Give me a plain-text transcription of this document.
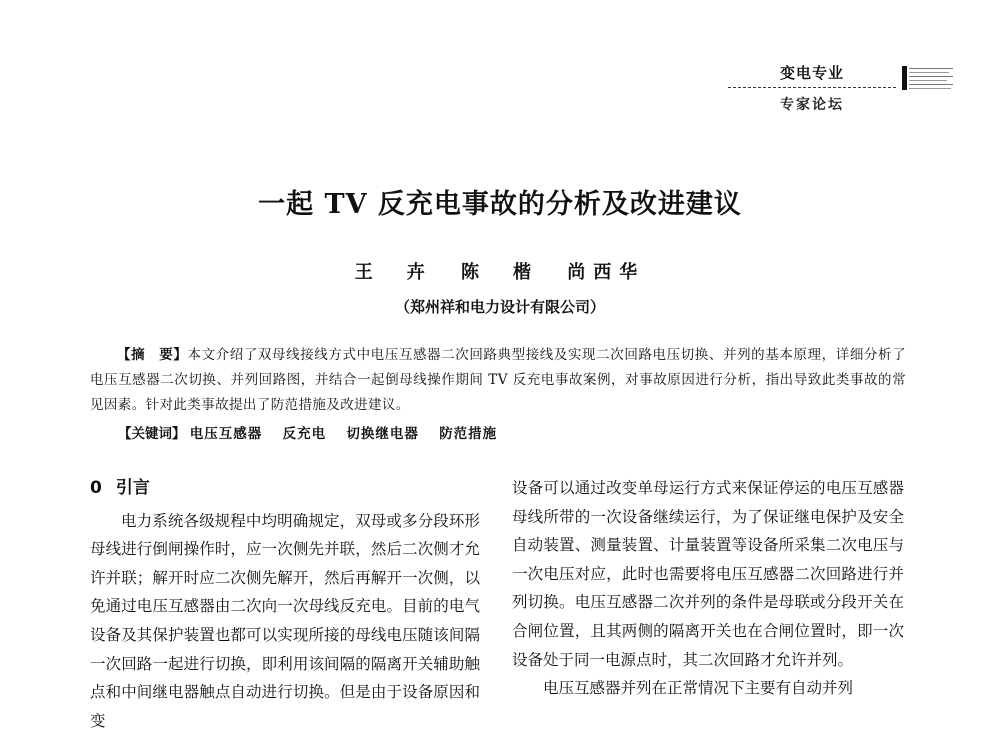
变电专业
专家论坛
一起 TV 反充电事故的分析及改进建议
王　卉 陈　楷 尚西华
（郑州祥和电力设计有限公司）

【摘　要】本文介绍了双母线接线方式中电压互感器二次回路典型接线及实现二次回路电压切换、并列的基本原理，详细分析了电压互感器二次切换、并列回路图，并结合一起倒母线操作期间 TV 反充电事故案例，对事故原因进行分析，指出导致此类事故的常见因素。针对此类事故提出了防范措施及改进建议。

【关键词】 电压互感器 反充电 切换继电器 防范措施
0 引言

电力系统各级规程中均明确规定，双母或多分段环形母线进行倒闸操作时，应一次侧先并联，然后二次侧才允许并联；解开时应二次侧先解开，然后再解开一次侧，以免通过电压互感器由二次向一次母线反充电。目前的电气设备及其保护装置也都可以实现所接的母线电压随该间隔一次回路一起进行切换，即利用该间隔的隔离开关辅助触点和中间继电器触点自动进行切换。但是由于设备原因和变

设备可以通过改变单母运行方式来保证停运的电压互感器母线所带的一次设备继续运行，为了保证继电保护及安全自动装置、测量装置、计量装置等设备所采集二次电压与一次电压对应，此时也需要将电压互感器二次回路进行并列切换。电压互感器二次并列的条件是母联或分段开关在合闸位置，且其两侧的隔离开关也在合闸位置时，即一次设备处于同一电源点时，其二次回路才允许并列。

电压互感器并列在正常情况下主要有自动并列
